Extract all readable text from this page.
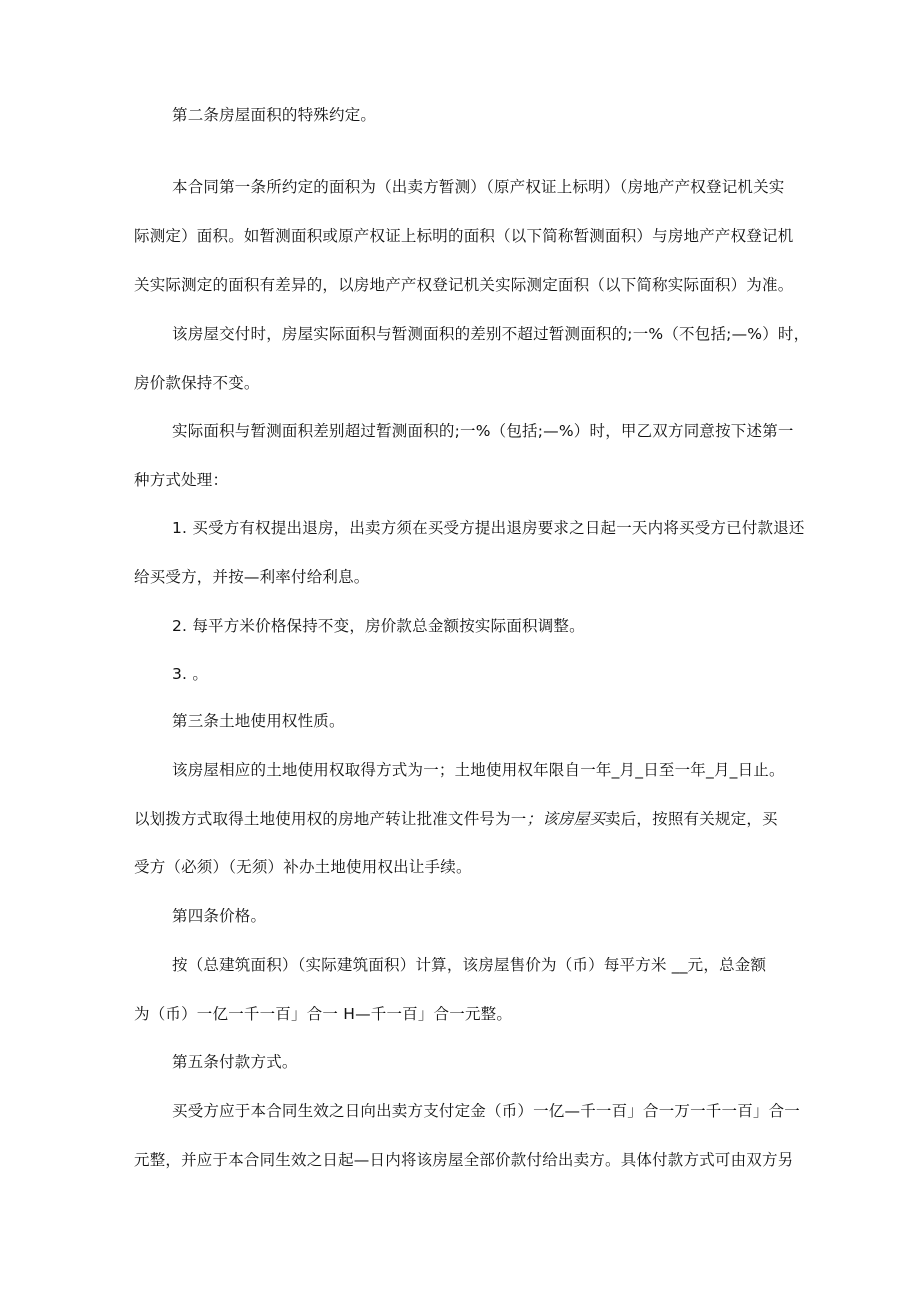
第二条房屋面积的特殊约定。
本合同第一条所约定的面积为（出卖方暂测）（原产权证上标明）（房地产产权登记机关实
际测定）面积。如暂测面积或原产权证上标明的面积（以下简称暂测面积）与房地产产权登记机
关实际测定的面积有差异的，以房地产产权登记机关实际测定面积（以下简称实际面积）为准。
该房屋交付时，房屋实际面积与暂测面积的差别不超过暂测面积的;一%（不包括;—%）时，
房价款保持不变。
实际面积与暂测面积差别超过暂测面积的;一%（包括;—%）时，甲乙双方同意按下述第一
种方式处理：
1. 买受方有权提出退房，出卖方须在买受方提出退房要求之日起一天内将买受方已付款退还
给买受方，并按—利率付给利息。
2. 每平方米价格保持不变，房价款总金额按实际面积调整。
3. 。
第三条土地使用权性质。
该房屋相应的土地使用权取得方式为一；土地使用权年限自一年_月_日至一年_月_日止。
以划拨方式取得土地使用权的房地产转让批准文件号为一；该房屋买卖后，按照有关规定，买
受方（必须）（无须）补办土地使用权出让手续。
第四条价格。
按（总建筑面积）（实际建筑面积）计算，该房屋售价为（币）每平方米 __元，总金额
为（币）一亿一千一百」合一 H—千一百」合一元整。
第五条付款方式。
买受方应于本合同生效之日向出卖方支付定金（币）一亿—千一百」合一万一千一百」合一
元整，并应于本合同生效之日起—日内将该房屋全部价款付给出卖方。具体付款方式可由双方另
